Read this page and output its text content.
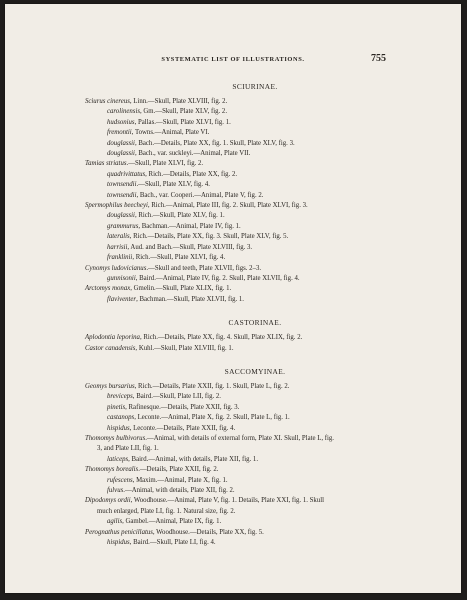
SYSTEMATIC LIST OF ILLUSTRATIONS.	755
SCIURINAE.
Sciurus cinereus, Linn.—Skull, Plate XLVIII, fig. 2.
carolinensis, Gm.—Skull, Plate XLV, fig. 2.
hudsonius, Pallas.—Skull, Plate XLVI, fig. 1.
fremontii, Towns.—Animal, Plate VI.
douglassii, Bach.—Details, Plate XX, fig. 1. Skull, Plate XLV, fig. 3.
douglassii, Bach., var. suckleyi.—Animal, Plate VII.
Tamias striatus.—Skull, Plate XLVI, fig. 2.
quadrivittatus, Rich.—Details, Plate XX, fig. 2.
townsendii.—Skull, Plate XLV, fig. 4.
townsendii, Bach., var. Cooperi.—Animal, Plate V, fig. 2.
Spermophilus beecheyi, Rich.—Animal, Plate III, fig. 2. Skull, Plate XLVI, fig. 3.
douglassii, Rich.—Skull, Plate XLV, fig. 1.
grammurus, Bachman.—Animal, Plate IV, fig. 1.
lateralis, Rich.—Details, Plate XX, fig. 3. Skull, Plate XLV, fig. 5.
harrisii, Aud. and Bach.—Skull, Plate XLVIII, fig. 3.
franklinii, Rich.—Skull, Plate XLVI, fig. 4.
Cynomys ludovicianus.—Skull and teeth, Plate XLVII, figs. 2–3.
gunnisonii, Baird.—Animal, Plate IV, fig. 2. Skull, Plate XLVII, fig. 4.
Arctomys monax, Gmelin.—Skull, Plate XLIX, fig. 1.
flaviventer, Bachman.—Skull, Plate XLVII, fig. 1.
CASTORINAE.
Aplodontia leporina, Rich.—Details, Plate XX, fig. 4. Skull, Plate XLIX, fig. 2.
Castor canadensis, Kuhl.—Skull, Plate XLVIII, fig. 1.
SACCOMYINAE.
Geomys bursarius, Rich.—Details, Plate XXII, fig. 1. Skull, Plate L, fig. 2.
breviceps, Baird.—Skull, Plate LII, fig. 2.
pinetis, Rafinesque.—Details, Plate XXII, fig. 3.
castanops, Leconte.—Animal, Plate X, fig. 2. Skull, Plate L, fig. 1.
hispidus, Leconte.—Details, Plate XXII, fig. 4.
Thomomys bulbivorus.—Animal, with details of external form, Plate XI. Skull, Plate L, fig.
3, and Plate LII, fig. 1.
laticeps, Baird.—Animal, with details, Plate XII, fig. 1.
Thomomys borealis.—Details, Plate XXII, fig. 2.
rufescens, Maxim.—Animal, Plate X, fig. 1.
fulvus.—Animal, with details, Plate XII, fig. 2.
Dipodomys ordii, Woodhouse.—Animal, Plate V, fig. 1. Details, Plate XXI, fig. 1. Skull
much enlarged, Plate LI, fig. 1. Natural size, fig. 2.
agilis, Gambel.—Animal, Plate IX, fig. 1.
Perognathus penicillatus, Woodhouse.—Details, Plate XX, fig. 5.
hispidus, Baird.—Skull, Plate LI, fig. 4.
